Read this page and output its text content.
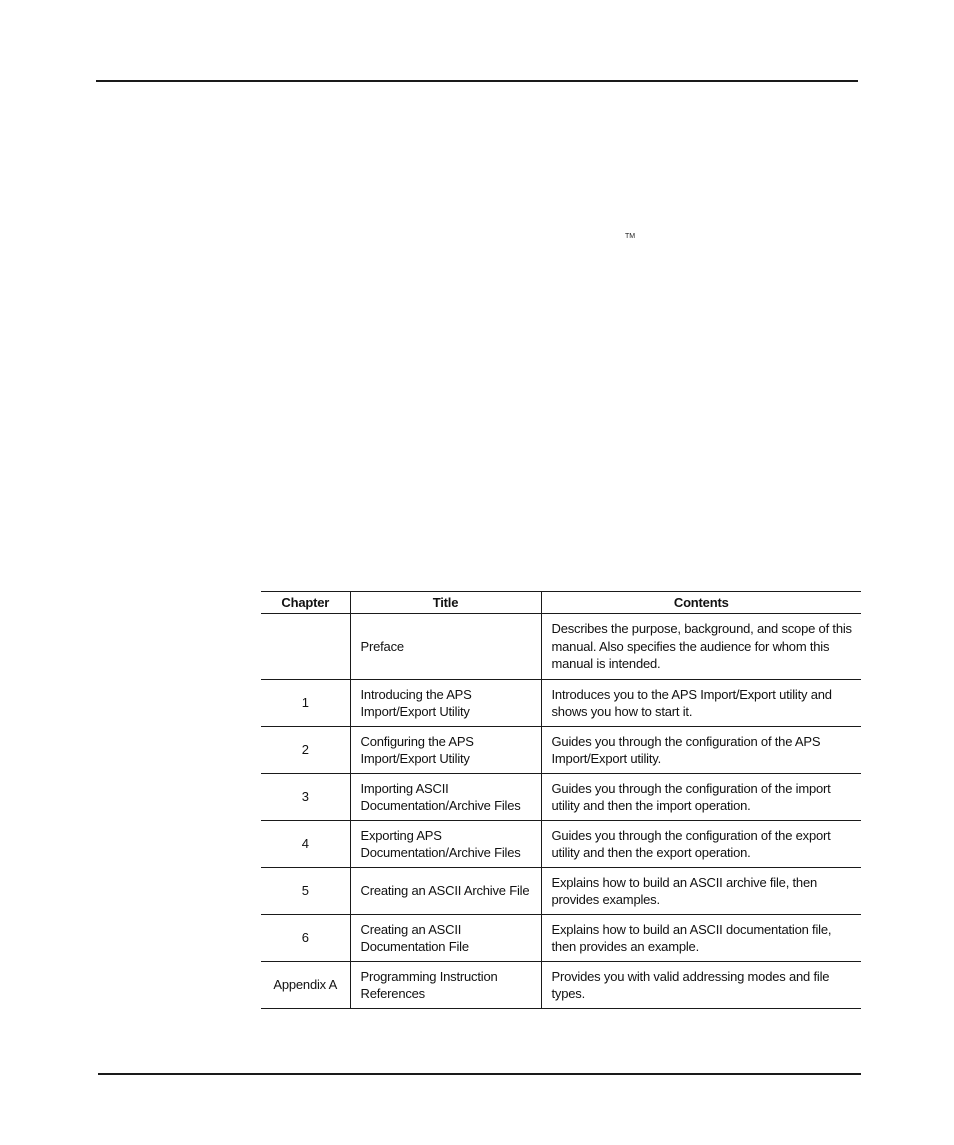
TM
Chapter	Title	Contents
	Preface	Describes the purpose, background, and scope of this manual. Also specifies the audience for whom this manual is intended.
1	Introducing the APS Import/Export Utility	Introduces you to the APS Import/Export utility and shows you how to start it.
2	Configuring the APS Import/Export Utility	Guides you through the configuration of the APS Import/Export utility.
3	Importing ASCII Documentation/Archive Files	Guides you through the configuration of the import utility and then the import operation.
4	Exporting APS Documentation/Archive Files	Guides you through the configuration of the export utility and then the export operation.
5	Creating an ASCII Archive File	Explains how to build an ASCII archive file, then provides examples.
6	Creating an ASCII Documentation File	Explains how to build an ASCII documentation file, then provides an example.
Appendix A	Programming Instruction References	Provides you with valid addressing modes and file types.
